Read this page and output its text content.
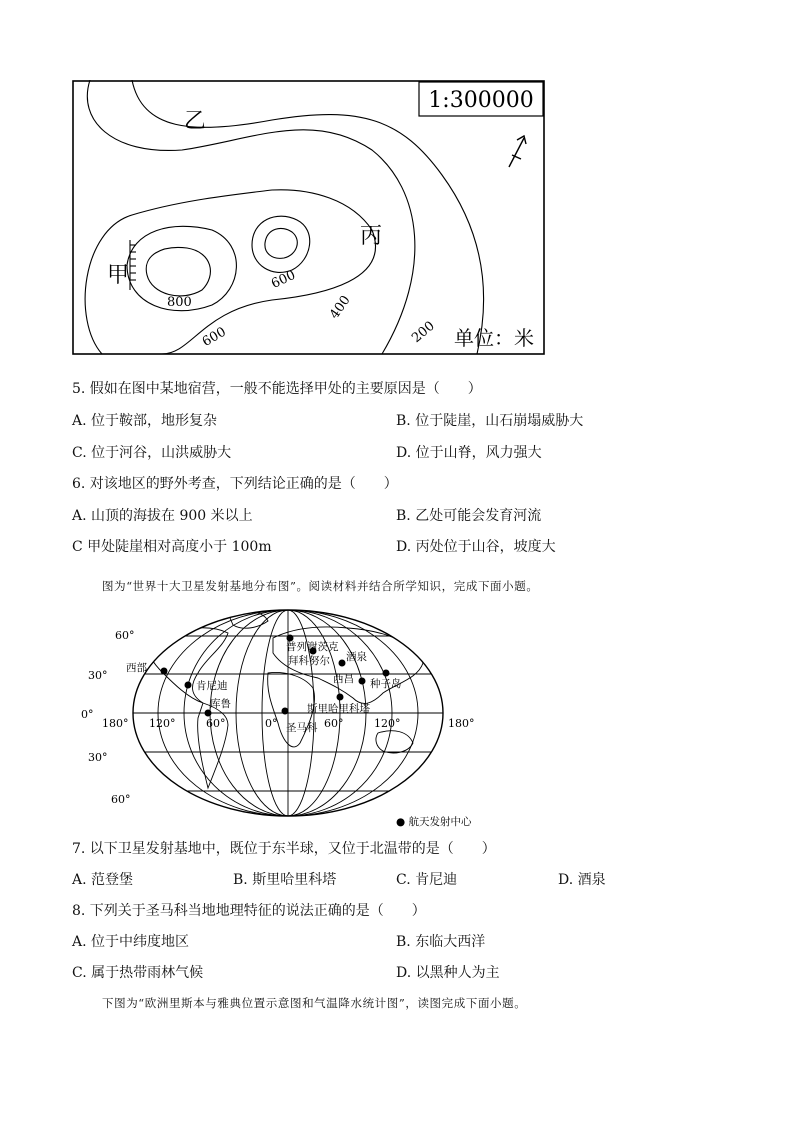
1:300000
乙
丙
甲
800
600
600
400
200 单位：米
5. 假如在图中某地宿营，一般不能选择甲处的主要原因是（　　）
A. 位于鞍部，地形复杂	B. 位于陡崖，山石崩塌威胁大
C. 位于河谷，山洪威胁大	D. 位于山脊，风力强大
6. 对该地区的野外考查，下列结论正确的是（　　）
A. 山顶的海拔在 900 米以上	B. 乙处可能会发育河流
C 甲处陡崖相对高度小于 100m	D. 丙处位于山谷，坡度大
图为“世界十大卫星发射基地分布图”。阅读材料并结合所学知识，完成下面小题。
普列谢茨克
拜科努尔 酒泉
西部
肯尼迪
西昌 种子岛
库鲁	斯里哈里科塔
圣马科
60°
30°
0°
30°
60°
180° 120°	60°	0°	60°	120°	180°
● 航天发射中心
7. 以下卫星发射基地中，既位于东半球，又位于北温带的是（　　）
A. 范登堡	B. 斯里哈里科塔	C. 肯尼迪	D. 酒泉
8. 下列关于圣马科当地地理特征的说法正确的是（　　）
A. 位于中纬度地区	B. 东临大西洋
C. 属于热带雨林气候	D. 以黑种人为主
下图为“欧洲里斯本与雅典位置示意图和气温降水统计图”，读图完成下面小题。
